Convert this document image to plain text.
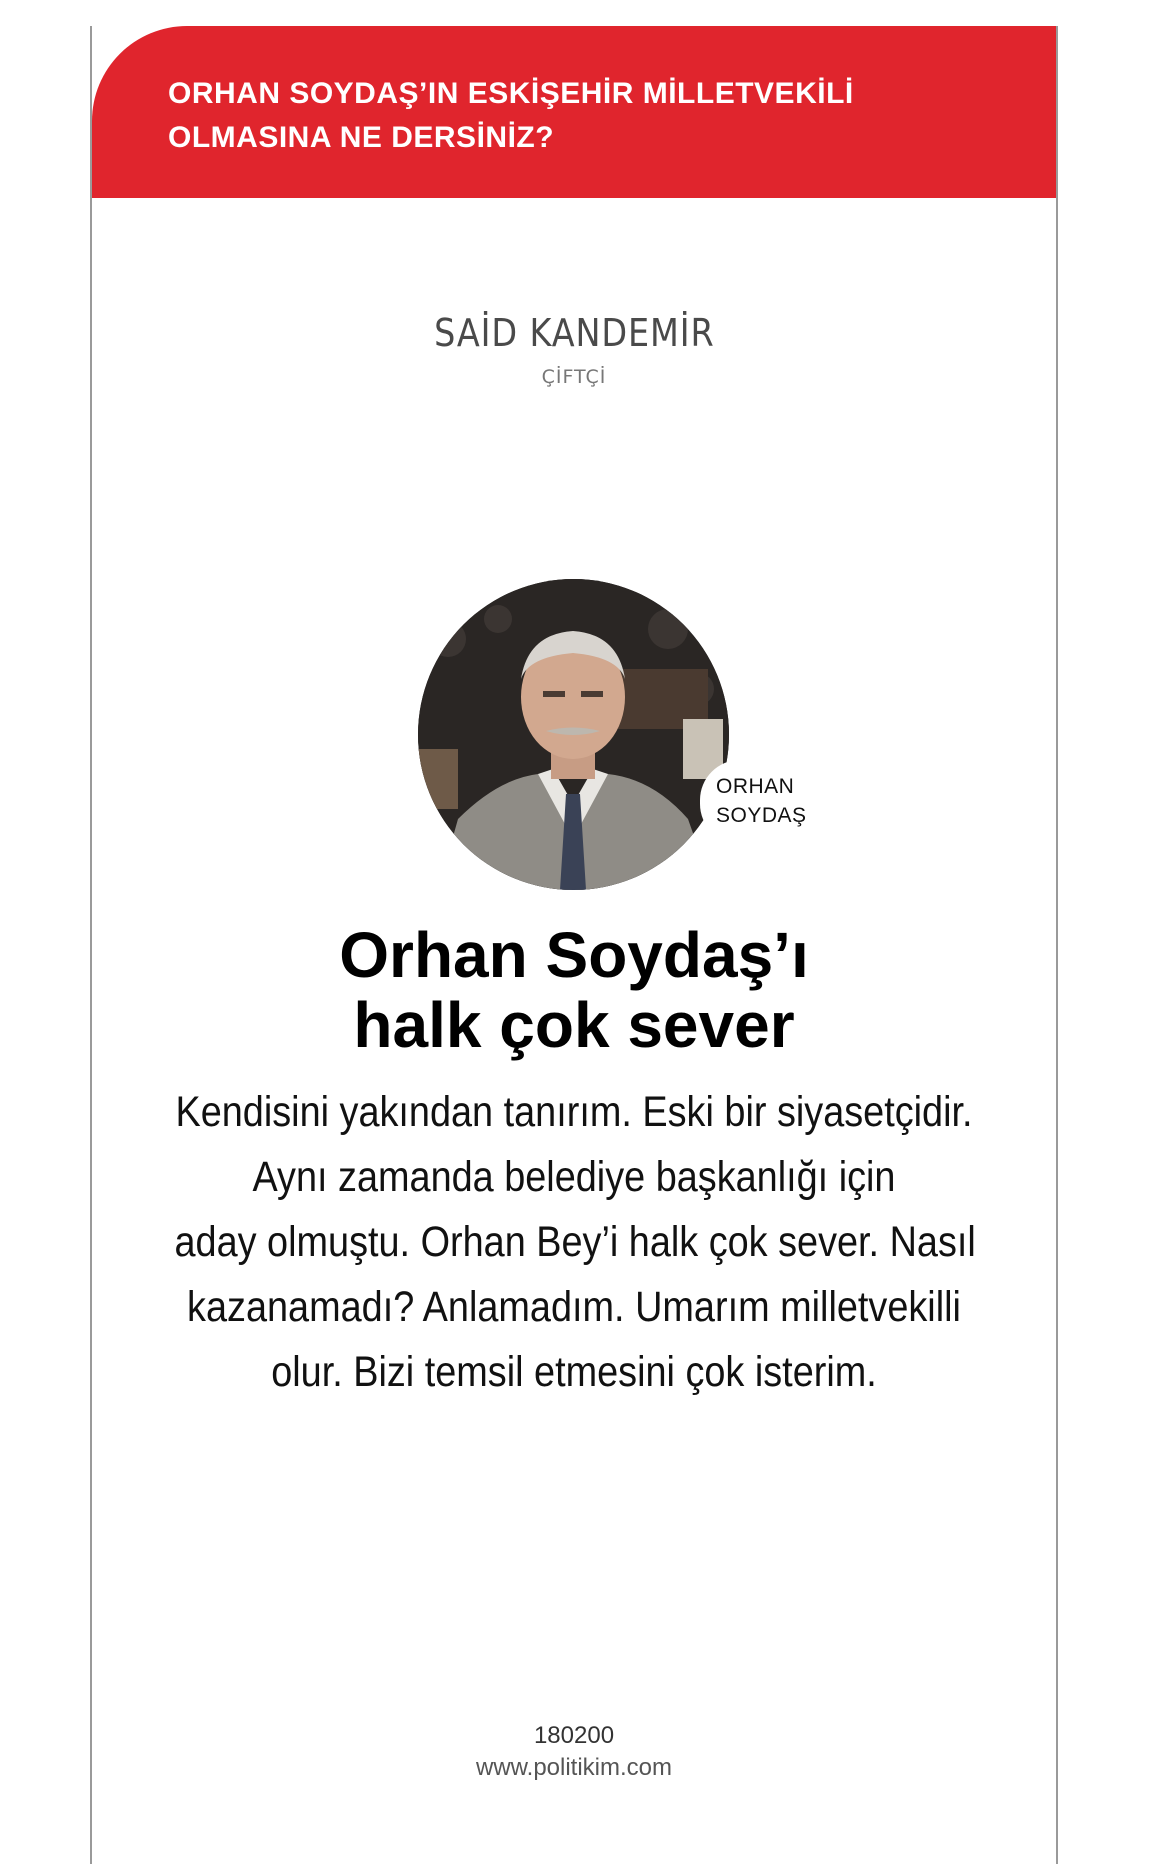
ORHAN SOYDAŞ’IN ESKİŞEHİR MİLLETVEKİLİ OLMASINA NE DERSİNİZ?
SAİD KANDEMİR
ÇİFTÇİ
ORHAN
SOYDAŞ
Orhan Soydaş’ı
halk çok sever

Kendisini yakından tanırım. Eski bir siyasetçidir.
Aynı zamanda belediye başkanlığı için
aday olmuştu. Orhan Bey’i halk çok sever. Nasıl
kazanamadı? Anlamadım. Umarım milletvekilli
olur. Bizi temsil etmesini çok isterim.

180200
www.politikim.com
